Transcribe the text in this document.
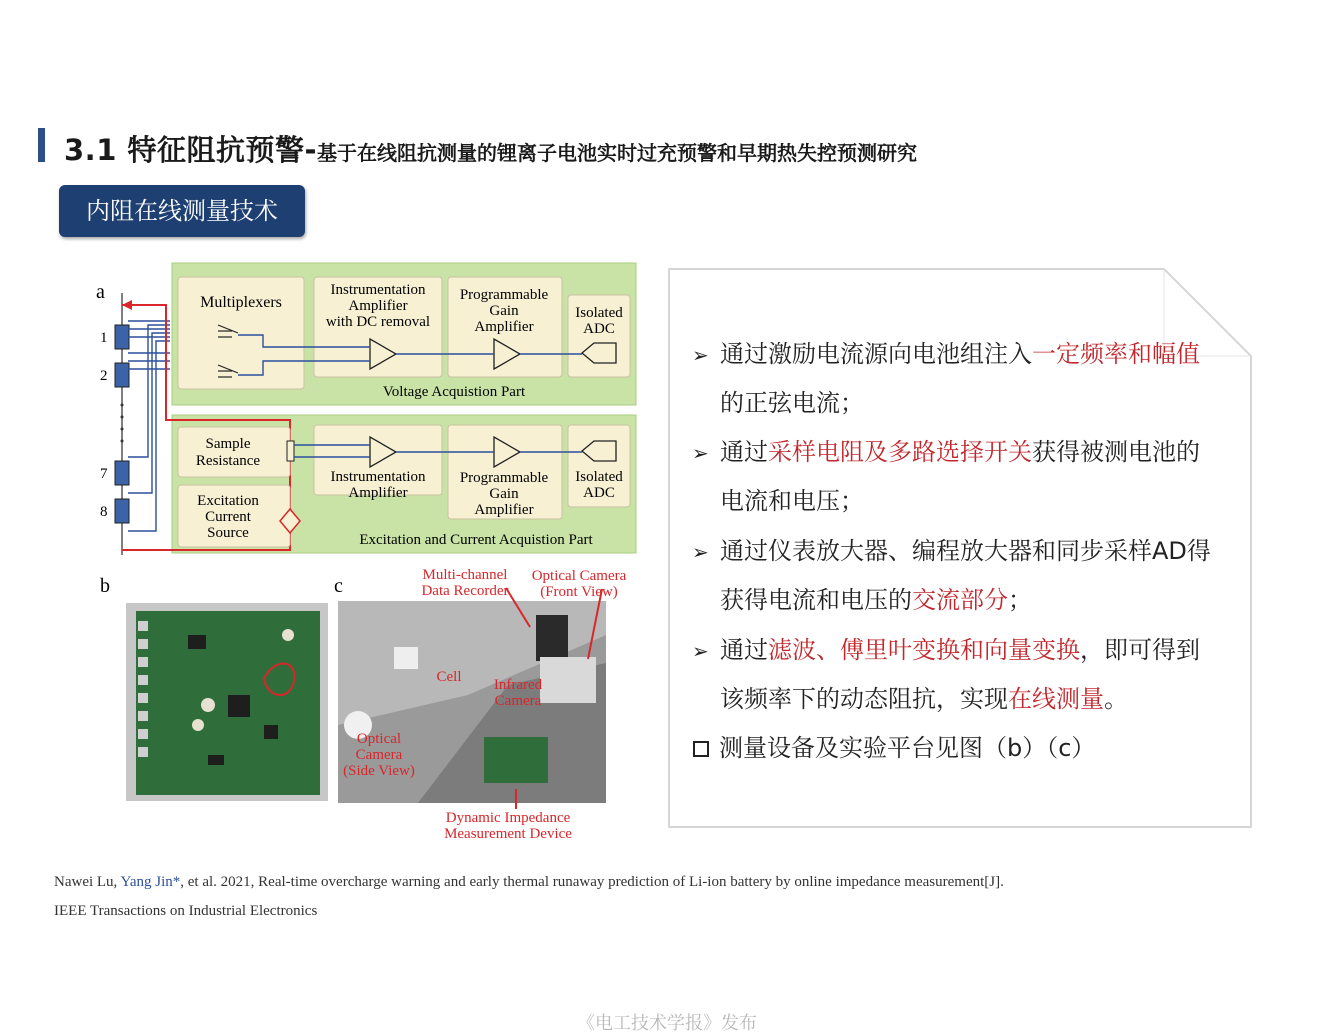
3.1 特征阻抗预警-基于在线阻抗测量的锂离子电池实时过充预警和早期热失控预测研究
内阻在线测量技术
a
b	c
1
2
7
8
Multiplexers
Instrumentation
Amplifier
with DC removal
Programmable
Gain
Amplifier
Isolated
ADC
Voltage Acquistion Part
Sample
Resistance
Excitation
Current
Source
Instrumentation
Amplifier
Programmable
Gain
Amplifier
Isolated
ADC
Excitation and Current Acquistion Part
Multi-channel
Data Recorder
Optical Camera
(Front View)
Cell Infrared
Camera
Optical
Camera
(Side View)
Dynamic Impedance
Measurement Device
➢ 通过激励电流源向电池组注入一定频率和幅值
的正弦电流；
➢ 通过采样电阻及多路选择开关获得被测电池的
电流和电压；
➢ 通过仪表放大器、编程放大器和同步采样AD得
获得电流和电压的交流部分；
➢ 通过滤波、傅里叶变换和向量变换，即可得到
该频率下的动态阻抗，实现在线测量。
测量设备及实验平台见图（b）（c）
Nawei Lu, Yang Jin*, et al. 2021, Real-time overcharge warning and early thermal runaway prediction of Li-ion battery by online impedance measurement[J].
IEEE Transactions on Industrial Electronics
《电工技术学报》发布
